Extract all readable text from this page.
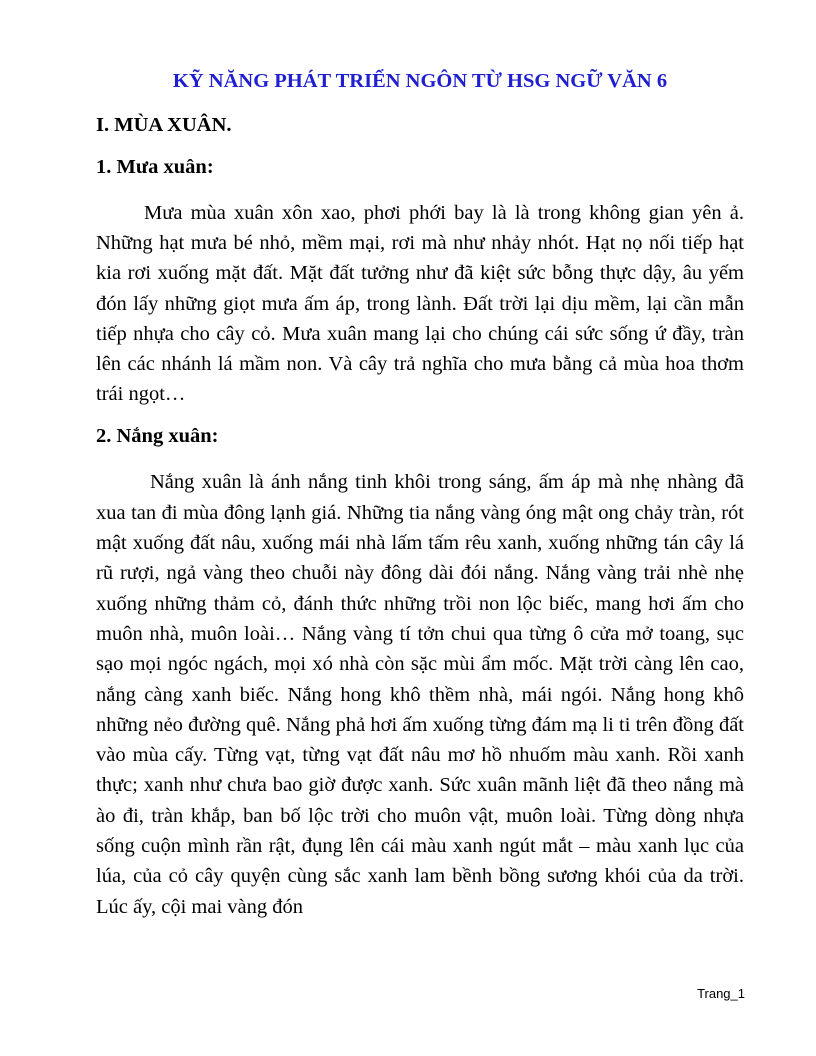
KỸ NĂNG PHÁT TRIỂN NGÔN TỪ HSG NGỮ VĂN 6
I. MÙA XUÂN.
1. Mưa xuân:

Mưa mùa xuân xôn xao, phơi phới bay là là trong không gian yên ả. Những hạt mưa bé nhỏ, mềm mại, rơi mà như nhảy nhót. Hạt nọ nối tiếp hạt kia rơi xuống mặt đất. Mặt đất tưởng như đã kiệt sức bỗng thực dậy, âu yếm đón lấy những giọt mưa ấm áp, trong lành. Đất trời lại dịu mềm, lại cần mẫn tiếp nhựa cho cây cỏ. Mưa xuân mang lại cho chúng cái sức sống ứ đầy, tràn lên các nhánh lá mầm non. Và cây trả nghĩa cho mưa bằng cả mùa hoa thơm trái ngọt…

2. Nắng xuân:

Nắng xuân là ánh nắng tinh khôi trong sáng, ấm áp mà nhẹ nhàng đã xua tan đi mùa đông lạnh giá. Những tia nắng vàng óng mật ong chảy tràn, rót mật xuống đất nâu, xuống mái nhà lấm tấm rêu xanh, xuống những tán cây lá rũ rượi, ngả vàng theo chuỗi này đông dài đói nắng. Nắng vàng trải nhè nhẹ xuống những thảm cỏ, đánh thức những trồi non lộc biếc, mang hơi ấm cho muôn nhà, muôn loài… Nắng vàng tí tởn chui qua từng ô cửa mở toang, sục sạo mọi ngóc ngách, mọi xó nhà còn sặc mùi ẩm mốc. Mặt trời càng lên cao, nắng càng xanh biếc. Nắng hong khô thềm nhà, mái ngói. Nắng hong khô những nẻo đường quê. Nắng phả hơi ấm xuống từng đám mạ li ti trên đồng đất vào mùa cấy. Từng vạt, từng vạt đất nâu mơ hồ nhuốm màu xanh. Rồi xanh thực; xanh như chưa bao giờ được xanh. Sức xuân mãnh liệt đã theo nắng mà ào đi, tràn khắp, ban bố lộc trời cho muôn vật, muôn loài. Từng dòng nhựa sống cuộn mình rần rật, đụng lên cái màu xanh ngút mắt – màu xanh lục của lúa, của cỏ cây quyện cùng sắc xanh lam bềnh bồng sương khói của da trời. Lúc ấy, cội mai vàng đón

Trang_1
